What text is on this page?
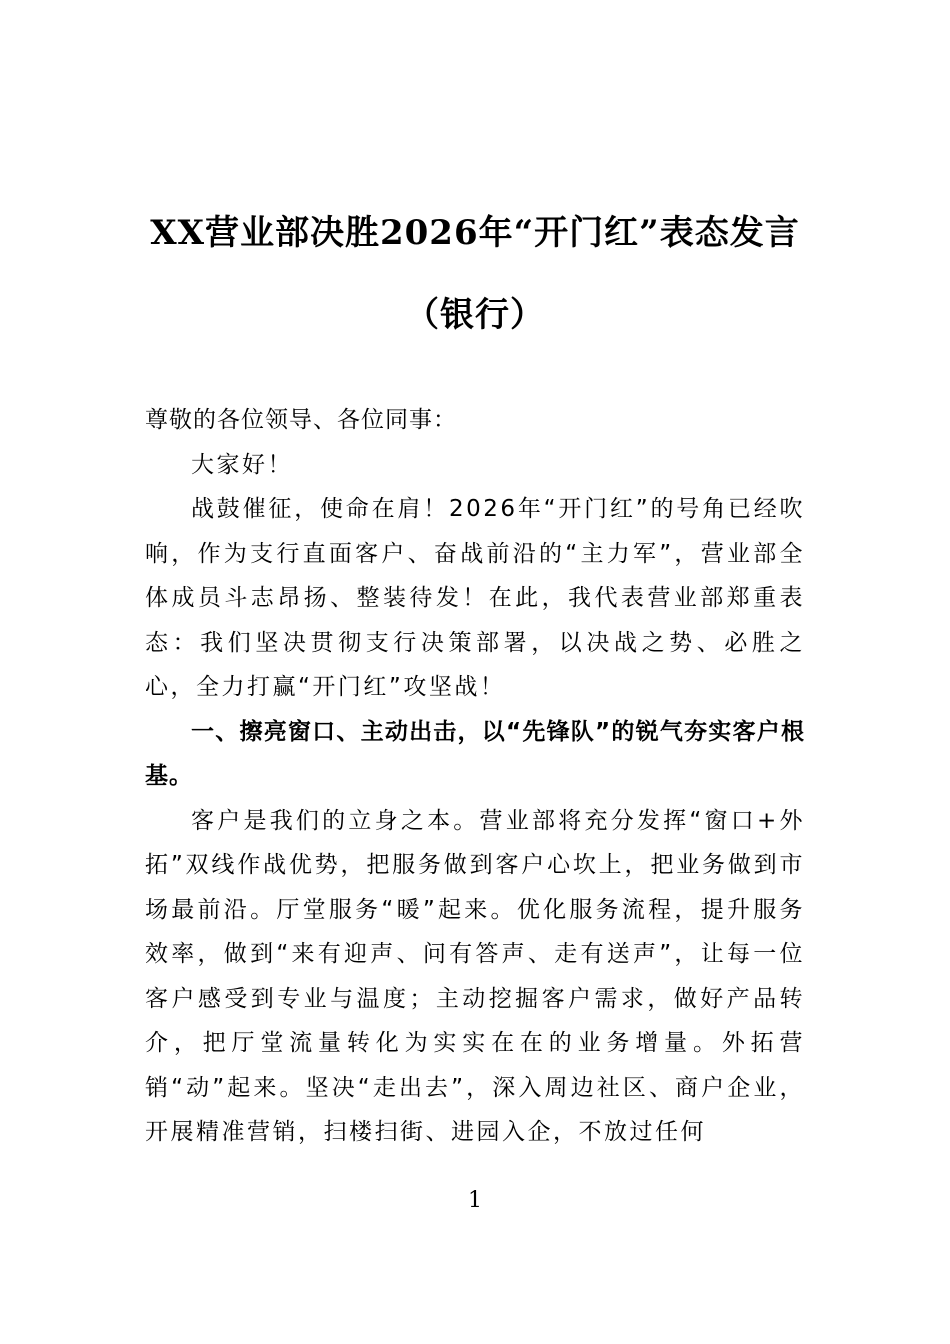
XX营业部决胜2026年“开门红”表态发言（银行）

尊敬的各位领导、各位同事：

大家好！

战鼓催征，使命在肩！2026年“开门红”的号角已经吹响，作为支行直面客户、奋战前沿的“主力军”，营业部全体成员斗志昂扬、整装待发！在此，我代表营业部郑重表态：我们坚决贯彻支行决策部署，以决战之势、必胜之心，全力打赢“开门红”攻坚战！

一、擦亮窗口、主动出击，以“先锋队”的锐气夯实客户根基。

客户是我们的立身之本。营业部将充分发挥“窗口+外拓”双线作战优势，把服务做到客户心坎上，把业务做到市场最前沿。厅堂服务“暖”起来。优化服务流程，提升服务效率，做到“来有迎声、问有答声、走有送声”，让每一位客户感受到专业与温度；主动挖掘客户需求，做好产品转介，把厅堂流量转化为实实在在的业务增量。外拓营销“动”起来。坚决“走出去”，深入周边社区、商户企业，开展精准营销，扫楼扫街、进园入企，不放过任何

1
